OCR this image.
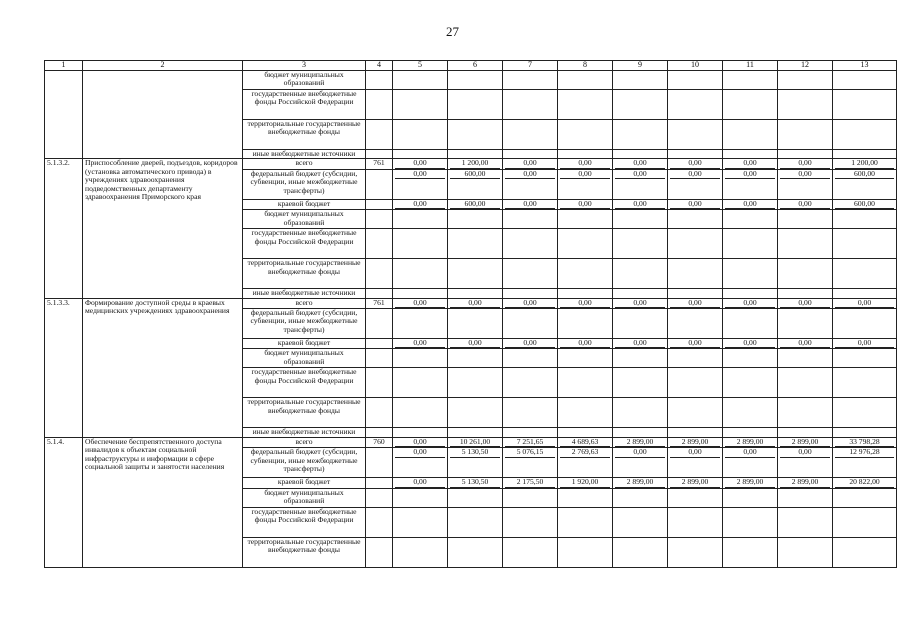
27
1	2	3	4	5	6	7	8	9	10	11	12	13
		бюджет муниципальных образований		

		государственные внебюджетные фонды Российской Федерации		

		территориальные государственные внебюджетные фонды		

		иные внебюджетные источники		

5.1.3.2.	Приспособление дверей, подъездов, коридоров (установка автоматического привода) в учреждениях здравоохранения подведомственных департаменту здравоохранения Приморского края	всего	761	0,00	1 200,00	0,00	0,00	0,00	0,00	0,00	0,00	1 200,00

		федеральный бюджет (субсидии, субвенции, иные межбюджетные трансферты)		0,00	600,00	0,00	0,00	0,00	0,00	0,00	0,00	600,00

		краевой бюджет		0,00	600,00	0,00	0,00	0,00	0,00	0,00	0,00	600,00

		бюджет муниципальных образований		

		государственные внебюджетные фонды Российской Федерации		

		территориальные государственные внебюджетные фонды		

		иные внебюджетные источники		

5.1.3.3.	Формирование доступной среды в краевых медицинских учреждениях здравоохранения	всего	761	0,00	0,00	0,00	0,00	0,00	0,00	0,00	0,00	0,00

		федеральный бюджет (субсидии, субвенции, иные межбюджетные трансферты)		

		краевой бюджет		0,00	0,00	0,00	0,00	0,00	0,00	0,00	0,00	0,00

		бюджет муниципальных образований		

		государственные внебюджетные фонды Российской Федерации		

		территориальные государственные внебюджетные фонды		

		иные внебюджетные источники		

5.1.4.	Обеспечение беспрепятственного доступа инвалидов к объектам социальной инфраструктуры и информации в сфере социальной защиты и занятости населения	всего	760	0,00	10 261,00	7 251,65	4 689,63	2 899,00	2 899,00	2 899,00	2 899,00	33 798,28

		федеральный бюджет (субсидии, субвенции, иные межбюджетные трансферты)		0,00	5 130,50	5 076,15	2 769,63	0,00	0,00	0,00	0,00	12 976,28

		краевой бюджет		0,00	5 130,50	2 175,50	1 920,00	2 899,00	2 899,00	2 899,00	2 899,00	20 822,00

		бюджет муниципальных образований		

		государственные внебюджетные фонды Российской Федерации		

		территориальные государственные внебюджетные фонды		
